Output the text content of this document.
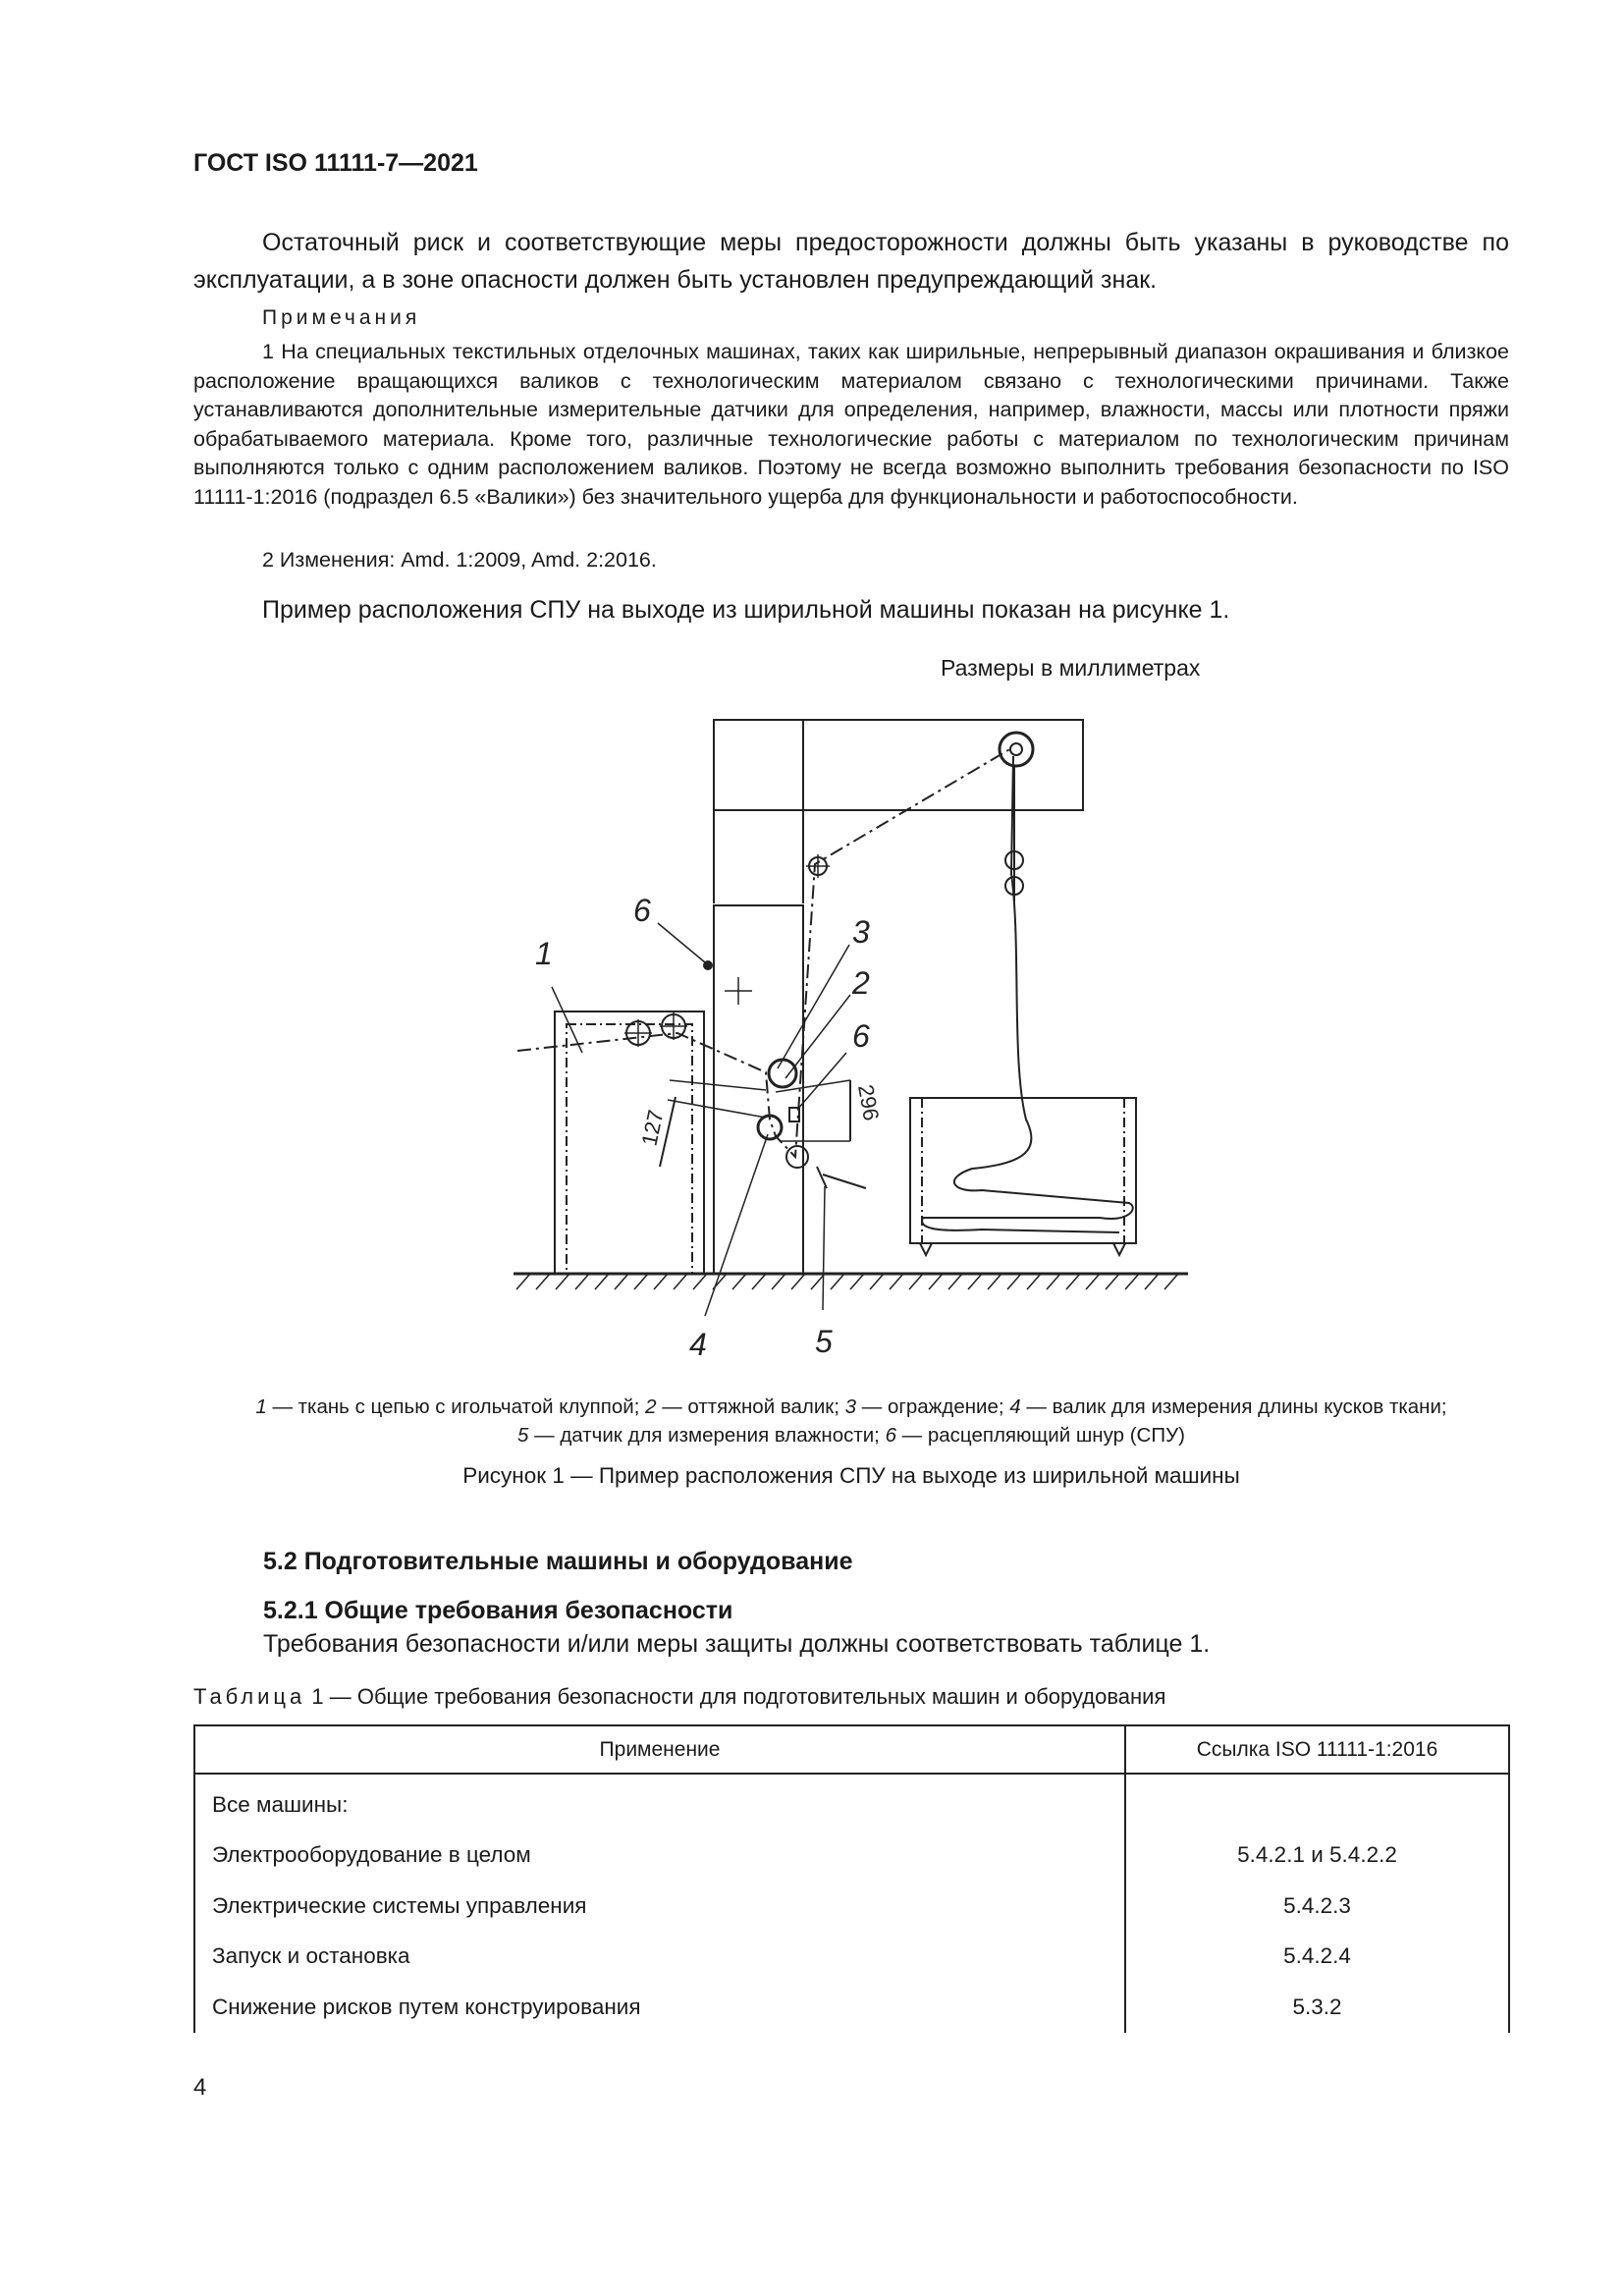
ГОСТ ISO 11111-7—2021
Остаточный риск и соответствующие меры предосторожности должны быть указаны в руководстве по эксплуатации, а в зоне опасности должен быть установлен предупреждающий знак.
Примечания
1 На специальных текстильных отделочных машинах, таких как ширильные, непрерывный диапазон окрашивания и близкое расположение вращающихся валиков с технологическим материалом связано с технологическими причинами. Также устанавливаются дополнительные измерительные датчики для определения, например, влажности, массы или плотности пряжи обрабатываемого материала. Кроме того, различные технологические работы с материалом по технологическим причинам выполняются только с одним расположением валиков. Поэтому не всегда возможно выполнить требования безопасности по ISO 11111-1:2016 (подраздел 6.5 «Валики») без значительного ущерба для функциональности и работоспособности.
2 Изменения: Amd. 1:2009, Amd. 2:2016.
Пример расположения СПУ на выходе из ширильной машины показан на рисунке 1.
Размеры в миллиметрах
1
6
3
2
6
4	5
127
296
1 — ткань с цепью с игольчатой клуппой; 2 — оттяжной валик; 3 — ограждение; 4 — валик для измерения длины кусков ткани;
5 — датчик для измерения влажности; 6 — расцепляющий шнур (СПУ)
Рисунок 1 — Пример расположения СПУ на выходе из ширильной машины
5.2 Подготовительные машины и оборудование
5.2.1 Общие требования безопасности
Требования безопасности и/или меры защиты должны соответствовать таблице 1.
Таблица 1 — Общие требования безопасности для подготовительных машин и оборудования
Применение	Ссылка ISO 11111-1:2016
Все машины:	
Электрооборудование в целом	5.4.2.1 и 5.4.2.2
Электрические системы управления	5.4.2.3
Запуск и остановка	5.4.2.4
Снижение рисков путем конструирования	5.3.2
4
